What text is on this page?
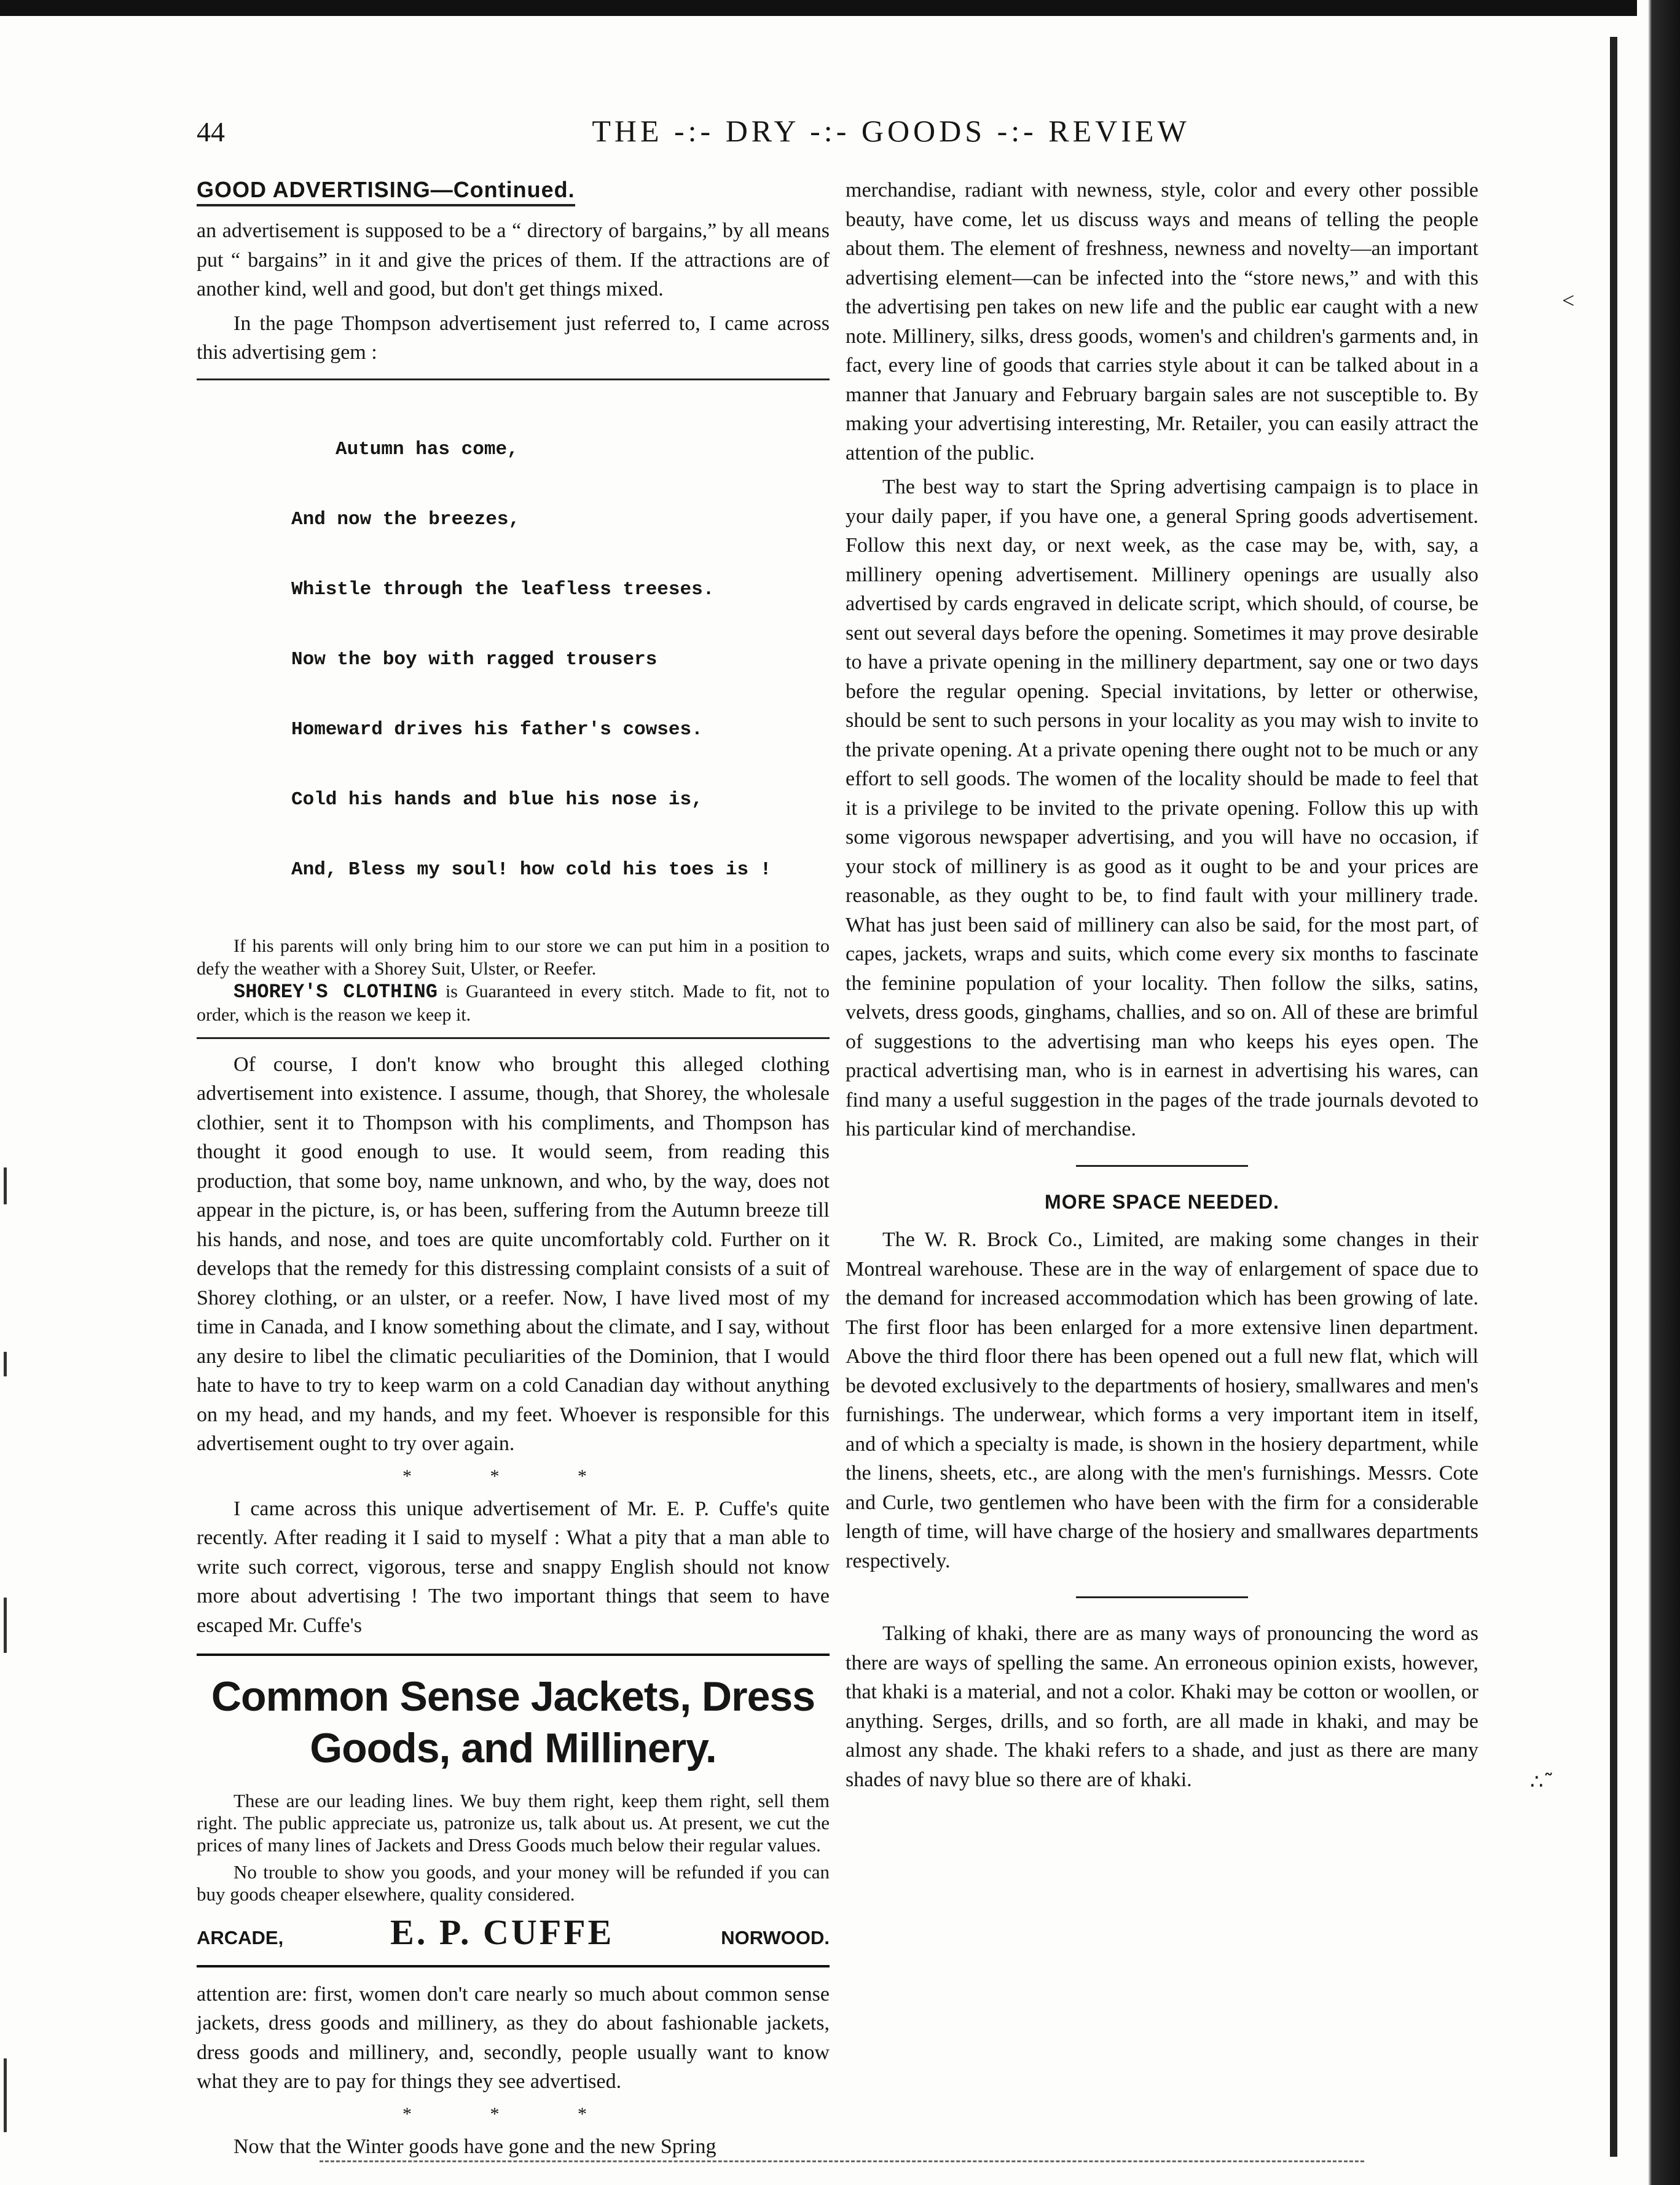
44	THE -:- DRY -:- GOODS -:- REVIEW
GOOD ADVERTISING—Continued.

an advertisement is supposed to be a “ directory of bargains,” by all means put “ bargains” in it and give the prices of them. If the attractions are of another kind, well and good, but don't get things mixed.

In the page Thompson advertisement just referred to, I came across this advertising gem :

Autumn has come,

And now the breezes,

Whistle through the leafless treeses.

Now the boy with ragged trousers

Homeward drives his father's cowses.

Cold his hands and blue his nose is,

And, Bless my soul! how cold his toes is !

If his parents will only bring him to our store we can put him in a position to defy the weather with a Shorey Suit, Ulster, or Reefer.

SHOREY'S CLOTHING is Guaranteed in every stitch. Made to fit, not to order, which is the reason we keep it.

Of course, I don't know who brought this alleged clothing advertisement into existence. I assume, though, that Shorey, the wholesale clothier, sent it to Thompson with his compliments, and Thompson has thought it good enough to use. It would seem, from reading this production, that some boy, name unknown, and who, by the way, does not appear in the picture, is, or has been, suffering from the Autumn breeze till his hands, and nose, and toes are quite uncomfortably cold. Further on it develops that the remedy for this distressing complaint consists of a suit of Shorey clothing, or an ulster, or a reefer. Now, I have lived most of my time in Canada, and I know something about the climate, and I say, without any desire to libel the climatic peculiarities of the Dominion, that I would hate to have to try to keep warm on a cold Canadian day without anything on my head, and my hands, and my feet. Whoever is responsible for this advertisement ought to try over again.

* * *

I came across this unique advertisement of Mr. E. P. Cuffe's quite recently. After reading it I said to myself : What a pity that a man able to write such correct, vigorous, terse and snappy English should not know more about advertising ! The two important things that seem to have escaped Mr. Cuffe's

Common Sense Jackets, Dress Goods, and Millinery.

These are our leading lines. We buy them right, keep them right, sell them right. The public appreciate us, patronize us, talk about us. At present, we cut the prices of many lines of Jackets and Dress Goods much below their regular values.

No trouble to show you goods, and your money will be refunded if you can buy goods cheaper elsewhere, quality considered.

ARCADE,	E. P. CUFFE	NORWOOD.

attention are: first, women don't care nearly so much about common sense jackets, dress goods and millinery, as they do about fashionable jackets, dress goods and millinery, and, secondly, people usually want to know what they are to pay for things they see advertised.

* * *

Now that the Winter goods have gone and the new Spring

merchandise, radiant with newness, style, color and every other possible beauty, have come, let us discuss ways and means of telling the people about them. The element of freshness, newness and novelty—an important advertising element—can be infected into the “store news,” and with this the advertising pen takes on new life and the public ear caught with a new note. Millinery, silks, dress goods, women's and children's garments and, in fact, every line of goods that carries style about it can be talked about in a manner that January and February bargain sales are not susceptible to. By making your advertising interesting, Mr. Retailer, you can easily attract the attention of the public.

The best way to start the Spring advertising campaign is to place in your daily paper, if you have one, a general Spring goods advertisement. Follow this next day, or next week, as the case may be, with, say, a millinery opening advertisement. Millinery openings are usually also advertised by cards engraved in delicate script, which should, of course, be sent out several days before the opening. Sometimes it may prove desirable to have a private opening in the millinery department, say one or two days before the regular opening. Special invitations, by letter or otherwise, should be sent to such persons in your locality as you may wish to invite to the private opening. At a private opening there ought not to be much or any effort to sell goods. The women of the locality should be made to feel that it is a privilege to be invited to the private opening. Follow this up with some vigorous newspaper advertising, and you will have no occasion, if your stock of millinery is as good as it ought to be and your prices are reasonable, as they ought to be, to find fault with your millinery trade. What has just been said of millinery can also be said, for the most part, of capes, jackets, wraps and suits, which come every six months to fascinate the feminine population of your locality. Then follow the silks, satins, velvets, dress goods, ginghams, challies, and so on. All of these are brimful of suggestions to the advertising man who keeps his eyes open. The practical advertising man, who is in earnest in advertising his wares, can find many a useful suggestion in the pages of the trade journals devoted to his particular kind of merchandise.

MORE SPACE NEEDED.

The W. R. Brock Co., Limited, are making some changes in their Montreal warehouse. These are in the way of enlargement of space due to the demand for increased accommodation which has been growing of late. The first floor has been enlarged for a more extensive linen department. Above the third floor there has been opened out a full new flat, which will be devoted exclusively to the departments of hosiery, smallwares and men's furnishings. The underwear, which forms a very important item in itself, and of which a specialty is made, is shown in the hosiery department, while the linens, sheets, etc., are along with the men's furnishings. Messrs. Cote and Curle, two gentlemen who have been with the firm for a considerable length of time, will have charge of the hosiery and smallwares departments respectively.

Talking of khaki, there are as many ways of pronouncing the word as there are ways of spelling the same. An erroneous opinion exists, however, that khaki is a material, and not a color. Khaki may be cotton or woollen, or anything. Serges, drills, and so forth, are all made in khaki, and may be almost any shade. The khaki refers to a shade, and just as there are many shades of navy blue so there are of khaki.

<
∴˜
